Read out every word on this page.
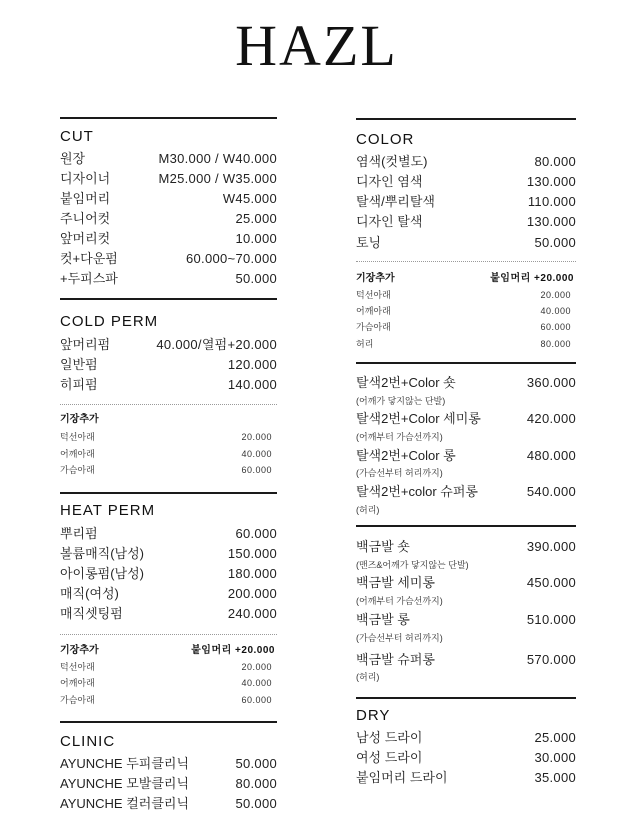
HAZL
CUT
원장	M30.000 / W40.000
디자이너	M25.000 / W35.000
붙임머리	W45.000
주니어컷	25.000
앞머리컷	10.000
컷+다운펌	60.000~70.000
+두피스파	50.000
COLD PERM
앞머리펌	40.000/열펌+20.000
일반펌	120.000
히피펌	140.000
기장추가
턱선아래	20.000
어깨아래	40.000
가슴아래	60.000
HEAT PERM
뿌리펌	60.000
볼륨매직(남성)	150.000
아이롱펌(남성)	180.000
매직(여성)	200.000
매직셋팅펌	240.000
기장추가	붙임머리 +20.000
턱선아래	20.000
어깨아래	40.000
가슴아래	60.000
CLINIC
AYUNCHE 두피클리닉	50.000
AYUNCHE 모발클리닉	80.000
AYUNCHE 컬러클리닉	50.000
COLOR
염색(컷별도)	80.000
디자인 염색	130.000
탈색/뿌리탈색	110.000
디자인 탈색	130.000
토닝	50.000
기장추가	붙임머리 +20.000
턱선아래	20.000
어깨아래	40.000
가슴아래	60.000
허리	80.000
탈색2번+Color 숏	360.000
(어깨가 닿지않는 단발)
탈색2번+Color 세미롱	420.000
(어깨부터 가슴선까지)
탈색2번+Color 롱	480.000
(가슴선부터 허리까지)
탈색2번+color 슈퍼롱	540.000
(허리)
백금발 숏	390.000
(맨즈&어깨가 닿지않는 단발)
백금발 세미롱	450.000
(어깨부터 가슴선까지)
백금발 롱	510.000
(가슴선부터 허리까지)
백금발 슈퍼롱	570.000
(허리)
DRY
남성 드라이	25.000
여성 드라이	30.000
붙임머리 드라이	35.000
